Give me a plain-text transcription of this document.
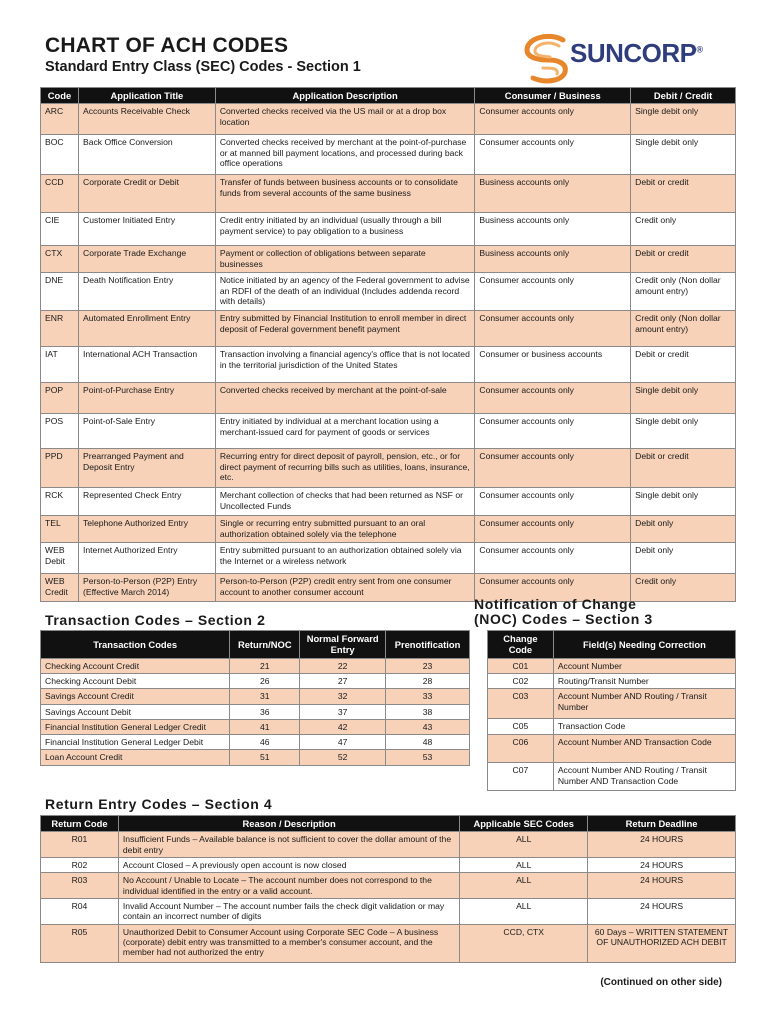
CHART OF ACH CODES
Standard Entry Class (SEC) Codes - Section 1	SUNCORP®
Code	Application Title	Application Description	Consumer / Business	Debit / Credit
ARC	Accounts Receivable Check	Converted checks received via the US mail or at a drop box location	Consumer accounts only	Single debit only
BOC	Back Office Conversion	Converted checks received by merchant at the point-of-purchase or at manned bill payment locations, and processed during back office operations	Consumer accounts only	Single debit only
CCD	Corporate Credit or Debit	Transfer of funds between business accounts or to consolidate funds from several accounts of the same business	Business accounts only	Debit or credit
CIE	Customer Initiated Entry	Credit entry initiated by an individual (usually through a bill payment service) to pay obligation to a business	Business accounts only	Credit only
CTX	Corporate Trade Exchange	Payment or collection of obligations between separate businesses	Business accounts only	Debit or credit
DNE	Death Notification Entry	Notice initiated by an agency of the Federal government to advise an RDFI of the death of an individual (Includes addenda record with details)	Consumer accounts only	Credit only (Non dollar amount entry)
ENR	Automated Enrollment Entry	Entry submitted by Financial Institution to enroll member in direct deposit of Federal government benefit payment	Consumer accounts only	Credit only (Non dollar amount entry)
IAT	International ACH Transaction	Transaction involving a financial agency's office that is not located in the territorial jurisdiction of the United States	Consumer or business accounts	Debit or credit
POP	Point-of-Purchase Entry	Converted checks received by merchant at the point-of-sale	Consumer accounts only	Single debit only
POS	Point-of-Sale Entry	Entry initiated by individual at a merchant location using a merchant-issued card for payment of goods or services	Consumer accounts only	Single debit only
PPD	Prearranged Payment and Deposit Entry	Recurring entry for direct deposit of payroll, pension, etc., or for direct payment of recurring bills such as utilities, loans, insurance, etc.	Consumer accounts only	Debit or credit
RCK	Represented Check Entry	Merchant collection of checks that had been returned as NSF or Uncollected Funds	Consumer accounts only	Single debit only
TEL	Telephone Authorized Entry	Single or recurring entry submitted pursuant to an oral authorization obtained solely via the telephone	Consumer accounts only	Debit only
WEB Debit	Internet Authorized Entry	Entry submitted pursuant to an authorization obtained solely via the Internet or a wireless network	Consumer accounts only	Debit only
WEB Credit	Person-to-Person (P2P) Entry (Effective March 2014)	Person-to-Person (P2P) credit entry sent from one consumer account to another consumer account	Consumer accounts only	Credit only
Transaction Codes – Section 2
Transaction Codes	Return/NOC	Normal Forward Entry	Prenotification
Checking Account Credit	21	22	23
Checking Account Debit	26	27	28
Savings Account Credit	31	32	33
Savings Account Debit	36	37	38
Financial Institution General Ledger Credit	41	42	43
Financial Institution General Ledger Debit	46	47	48
Loan Account Credit	51	52	53
Notification of Change
(NOC) Codes – Section 3
Change Code	Field(s) Needing Correction
C01	Account Number
C02	Routing/Transit Number
C03	Account Number AND Routing / Transit Number
C05	Transaction Code
C06	Account Number AND Transaction Code
C07	Account Number AND Routing / Transit Number AND Transaction Code
Return Entry Codes – Section 4
Return Code	Reason / Description	Applicable SEC Codes	Return Deadline
R01	Insufficient Funds – Available balance is not sufficient to cover the dollar amount of the debit entry	ALL	24 HOURS
R02	Account Closed – A previously open account is now closed	ALL	24 HOURS
R03	No Account / Unable to Locate – The account number does not correspond to the individual identified in the entry or a valid account.	ALL	24 HOURS
R04	Invalid Account Number – The account number fails the check digit validation or may contain an incorrect number of digits	ALL	24 HOURS
R05	Unauthorized Debit to Consumer Account using Corporate SEC Code – A business (corporate) debit entry was transmitted to a member's consumer account, and the member had not authorized the entry	CCD, CTX	60 Days – WRITTEN STATEMENT OF UNAUTHORIZED ACH DEBIT
(Continued on other side)
